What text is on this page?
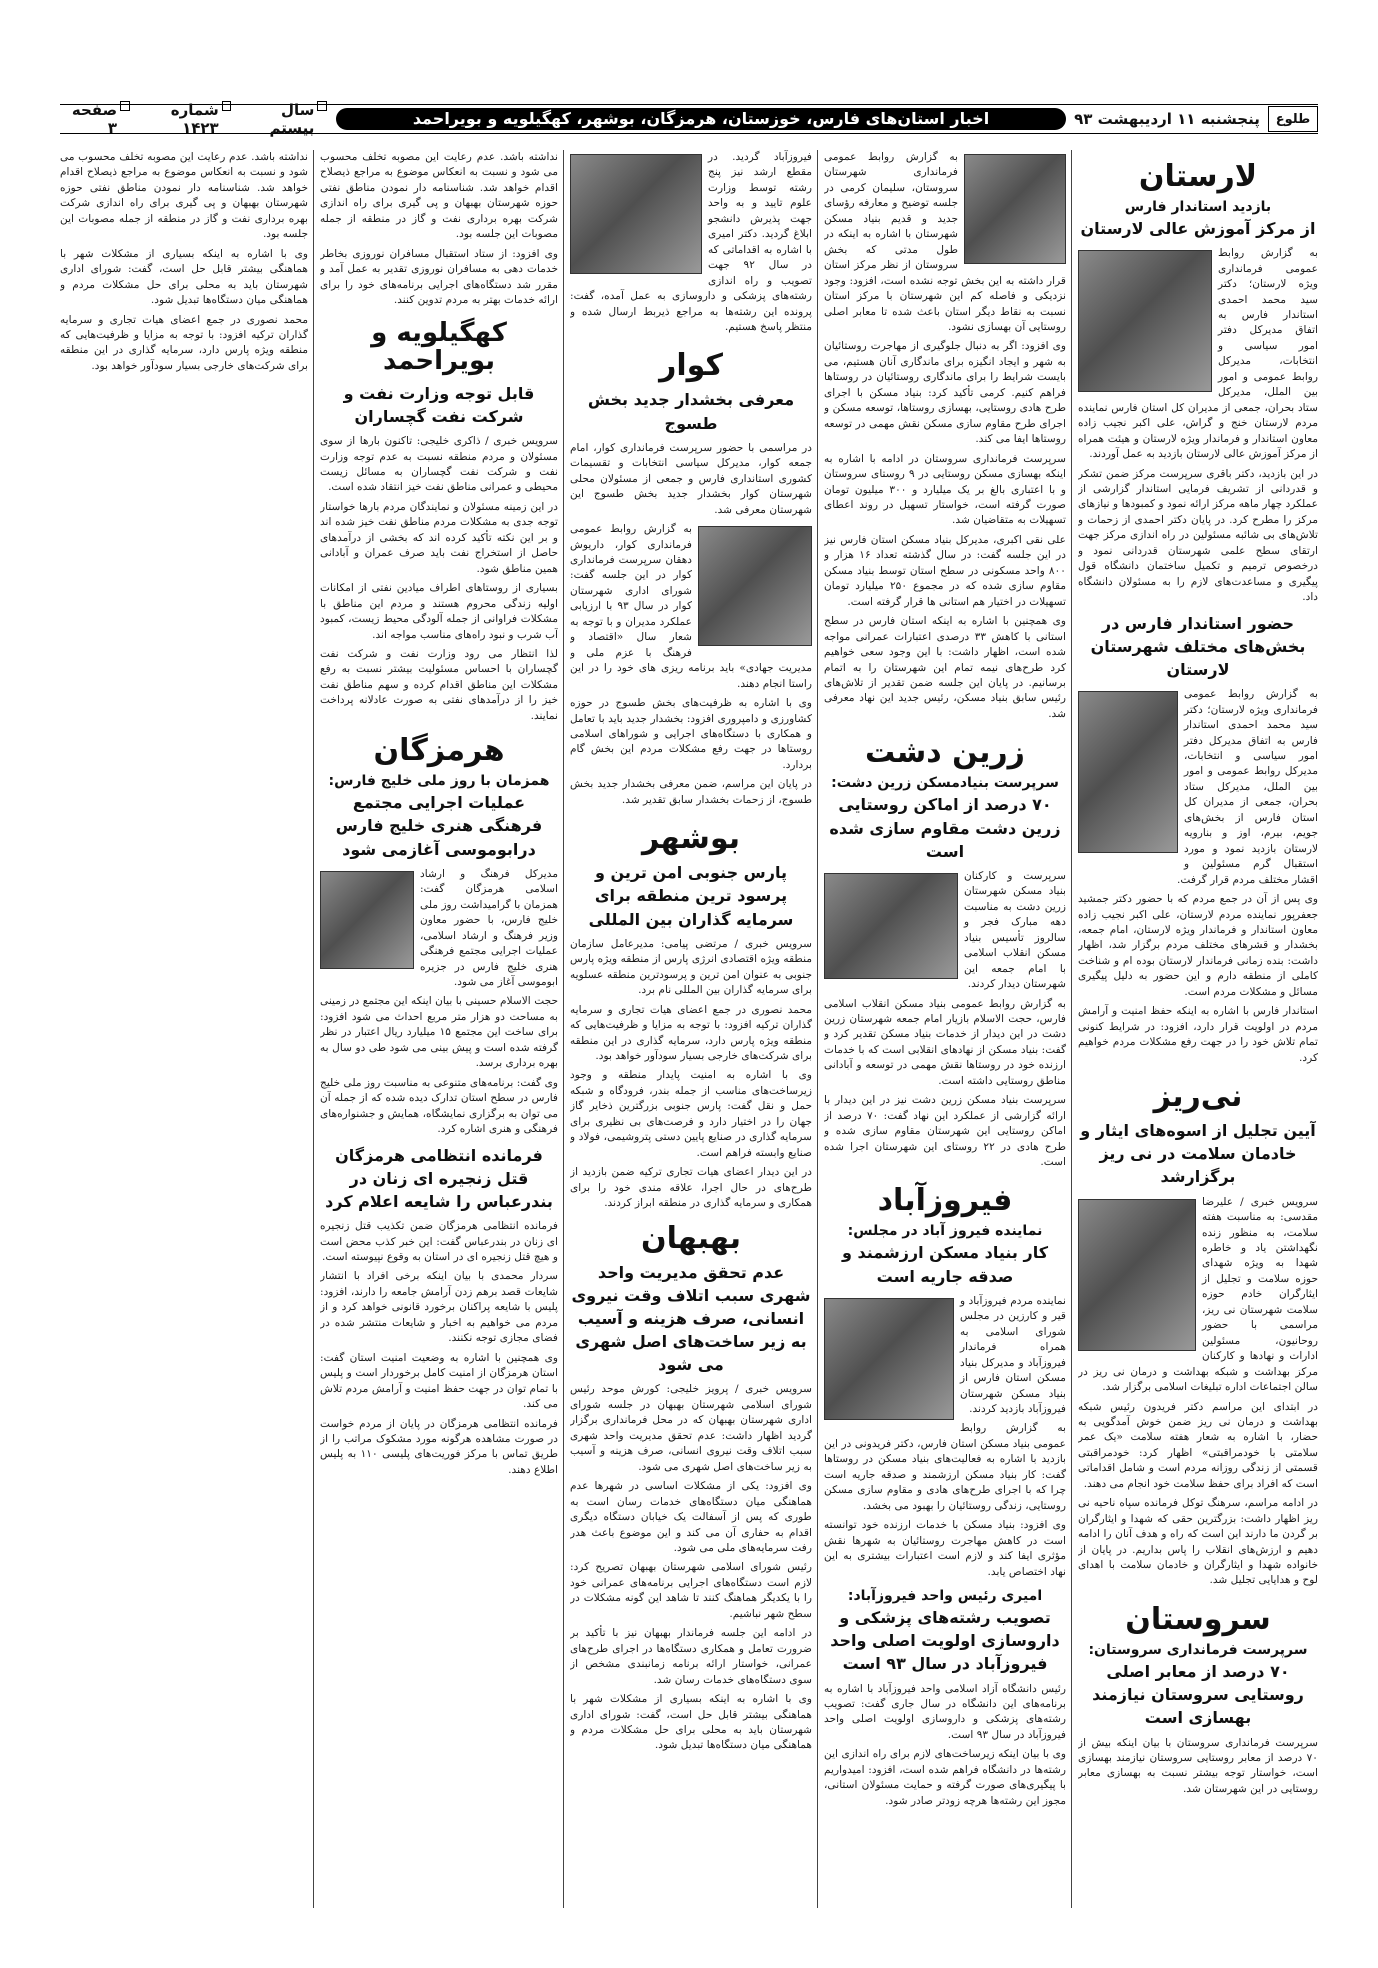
طلوع
پنجشنبه ۱۱ اردیبهشت ۹۳
اخبار استان‌های فارس، خوزستان، هرمزگان، بوشهر، کهگیلویه و بویراحمد
سال بیستم
شماره ۱۴۲۳
صفحه ۳
لارستان
بازدید استاندار فارس
از مرکز آموزش عالی لارستان

به گزارش روابط عمومی فرمانداری ویژه لارستان؛ دکتر سید محمد احمدی استاندار فارس به اتفاق مدیرکل دفتر امور سیاسی و انتخابات، مدیرکل روابط عمومی و امور بین الملل، مدیرکل ستاد بحران، جمعی از مدیران کل استان فارس نماینده مردم لارستان خنج و گراش، علی اکبر نجیب زاده معاون استاندار و فرماندار ویژه لارستان و هیئت همراه از مرکز آموزش عالی لارستان بازدید به عمل آوردند.

در این بازدید، دکتر باقری سرپرست مرکز ضمن تشکر و قدردانی از تشریف فرمایی استاندار گزارشی از عملکرد چهار ماهه مرکز ارائه نمود و کمبودها و نیازهای مرکز را مطرح کرد. در پایان دکتر احمدی از زحمات و تلاش‌های بی شائبه مسئولین در راه اندازی مرکز جهت ارتقای سطح علمی شهرستان قدردانی نمود و درخصوص ترمیم و تکمیل ساختمان دانشگاه قول پیگیری و مساعدت‌های لازم را به مسئولان دانشگاه داد.

حضور استاندار فارس در بخش‌های مختلف شهرستان لارستان

به گزارش روابط عمومی فرمانداری ویژه لارستان؛ دکتر سید محمد احمدی استاندار فارس به اتفاق مدیرکل دفتر امور سیاسی و انتخابات، مدیرکل روابط عمومی و امور بین الملل، مدیرکل ستاد بحران، جمعی از مدیران کل استان فارس از بخش‌های جویم، بیرم، اوز و بنارویه لارستان بازدید نمود و مورد استقبال گرم مسئولین و اقشار مختلف مردم قرار گرفت.

وی پس از آن در جمع مردم که با حضور دکتر جمشید جعفرپور نماینده مردم لارستان، علی اکبر نجیب زاده معاون استاندار و فرماندار ویژه لارستان، امام جمعه، بخشدار و قشرهای مختلف مردم برگزار شد، اظهار داشت: بنده زمانی فرماندار لارستان بوده ام و شناخت کاملی از منطقه دارم و این حضور به دلیل پیگیری مسائل و مشکلات مردم است.

استاندار فارس با اشاره به اینکه حفظ امنیت و آرامش مردم در اولویت قرار دارد، افزود: در شرایط کنونی تمام تلاش خود را در جهت رفع مشکلات مردم خواهیم کرد.

نی‌ریز
آیین تجلیل از اسوه‌های ایثار و خادمان سلامت در نی ریز برگزارشد

سرویس خبری / علیرضا مقدسی: به مناسبت هفته سلامت، به منظور زنده نگهداشتن یاد و خاطره شهدا به ویژه شهدای حوزه سلامت و تجلیل از ایثارگران خادم حوزه سلامت شهرستان نی ریز، مراسمی با حضور روحانیون، مسئولین ادارات و نهادها و کارکنان مرکز بهداشت و شبکه بهداشت و درمان نی ریز در سالن اجتماعات اداره تبلیغات اسلامی برگزار شد.

در ابتدای این مراسم دکتر فریدون رئیس شبکه بهداشت و درمان نی ریز ضمن خوش آمدگویی به حضار، با اشاره به شعار هفته سلامت «یک عمر سلامتی با خودمراقبتی» اظهار کرد: خودمراقبتی قسمتی از زندگی روزانه مردم است و شامل اقداماتی است که افراد برای حفظ سلامت خود انجام می دهند.

در ادامه مراسم، سرهنگ توکل فرمانده سپاه ناحیه نی ریز اظهار داشت: بزرگترین حقی که شهدا و ایثارگران بر گردن ما دارند این است که راه و هدف آنان را ادامه دهیم و ارزش‌های انقلاب را پاس بداریم. در پایان از خانواده شهدا و ایثارگران و خادمان سلامت با اهدای لوح و هدایایی تجلیل شد.

سروستان
سرپرست فرمانداری سروستان:
۷۰ درصد از معابر اصلی روستایی سروستان نیازمند بهسازی است

سرپرست فرمانداری سروستان با بیان اینکه بیش از ۷۰ درصد از معابر روستایی سروستان نیازمند بهسازی است، خواستار توجه بیشتر نسبت به بهسازی معابر روستایی در این شهرستان شد.

به گزارش روابط عمومی فرمانداری شهرستان سروستان، سلیمان کرمی در جلسه توضیح و معارفه رؤسای جدید و قدیم بنیاد مسکن شهرستان با اشاره به اینکه در طول مدتی که بخش سروستان از نظر مرکز استان قرار داشته به این بخش توجه نشده است، افزود: وجود نزدیکی و فاصله کم این شهرستان با مرکز استان نسبت به نقاط دیگر استان باعث شده تا معابر اصلی روستایی آن بهسازی نشود.

وی افزود: اگر به دنبال جلوگیری از مهاجرت روستائیان به شهر و ایجاد انگیزه برای ماندگاری آنان هستیم، می بایست شرایط را برای ماندگاری روستائیان در روستاها فراهم کنیم. کرمی تأکید کرد: بنیاد مسکن با اجرای طرح هادی روستایی، بهسازی روستاها، توسعه مسکن و اجرای طرح مقاوم سازی مسکن نقش مهمی در توسعه روستاها ایفا می کند.

سرپرست فرمانداری سروستان در ادامه با اشاره به اینکه بهسازی مسکن روستایی در ۹ روستای سروستان و با اعتباری بالغ بر یک میلیارد و ۳۰۰ میلیون تومان صورت گرفته است، خواستار تسهیل در روند اعطای تسهیلات به متقاضیان شد.

علی نقی اکبری، مدیرکل بنیاد مسکن استان فارس نیز در این جلسه گفت: در سال گذشته تعداد ۱۶ هزار و ۸۰۰ واحد مسکونی در سطح استان توسط بنیاد مسکن مقاوم سازی شده که در مجموع ۲۵۰ میلیارد تومان تسهیلات در اختیار هم استانی ها قرار گرفته است.

وی همچنین با اشاره به اینکه استان فارس در سطح استانی با کاهش ۳۳ درصدی اعتبارات عمرانی مواجه شده است، اظهار داشت: با این وجود سعی خواهیم کرد طرح‌های نیمه تمام این شهرستان را به اتمام برسانیم. در پایان این جلسه ضمن تقدیر از تلاش‌های رئیس سابق بنیاد مسکن، رئیس جدید این نهاد معرفی شد.

زرین دشت
سرپرست بنیادمسکن زرین دشت:
۷۰ درصد از اماکن روستایی زرین دشت مقاوم سازی شده است

سرپرست و کارکنان بنیاد مسکن شهرستان زرین دشت به مناسبت دهه مبارک فجر و سالروز تأسیس بنیاد مسکن انقلاب اسلامی با امام جمعه این شهرستان دیدار کردند.

به گزارش روابط عمومی بنیاد مسکن انقلاب اسلامی فارس، حجت الاسلام بازیار امام جمعه شهرستان زرین دشت در این دیدار از خدمات بنیاد مسکن تقدیر کرد و گفت: بنیاد مسکن از نهادهای انقلابی است که با خدمات ارزنده خود در روستاها نقش مهمی در توسعه و آبادانی مناطق روستایی داشته است.

سرپرست بنیاد مسکن زرین دشت نیز در این دیدار با ارائه گزارشی از عملکرد این نهاد گفت: ۷۰ درصد از اماکن روستایی این شهرستان مقاوم سازی شده و طرح هادی در ۲۲ روستای این شهرستان اجرا شده است.

فیروزآباد
نماینده فیروز آباد در مجلس:
کار بنیاد مسکن ارزشمند و صدقه جاریه است

نماینده مردم فیروزآباد و قیر و کارزین در مجلس شورای اسلامی به همراه فرماندار فیروزآباد و مدیرکل بنیاد مسکن استان فارس از بنیاد مسکن شهرستان فیروزآباد بازدید کردند.

به گزارش روابط عمومی بنیاد مسکن استان فارس، دکتر فریدونی در این بازدید با اشاره به فعالیت‌های بنیاد مسکن در روستاها گفت: کار بنیاد مسکن ارزشمند و صدقه جاریه است چرا که با اجرای طرح‌های هادی و مقاوم سازی مسکن روستایی، زندگی روستائیان را بهبود می بخشد.

وی افزود: بنیاد مسکن با خدمات ارزنده خود توانسته است در کاهش مهاجرت روستائیان به شهرها نقش مؤثری ایفا کند و لازم است اعتبارات بیشتری به این نهاد اختصاص یابد.

امیری رئیس واحد فیروزآباد:
تصویب رشته‌های پزشکی و داروسازی اولویت اصلی واحد فیروزآباد در سال ۹۳ است

رئیس دانشگاه آزاد اسلامی واحد فیروزآباد با اشاره به برنامه‌های این دانشگاه در سال جاری گفت: تصویب رشته‌های پزشکی و داروسازی اولویت اصلی واحد فیروزآباد در سال ۹۳ است.

وی با بیان اینکه زیرساخت‌های لازم برای راه اندازی این رشته‌ها در دانشگاه فراهم شده است، افزود: امیدواریم با پیگیری‌های صورت گرفته و حمایت مسئولان استانی، مجوز این رشته‌ها هرچه زودتر صادر شود.

فیروزآباد گردید. در مقطع ارشد نیز پنج رشته توسط وزارت علوم تایید و به واحد جهت پذیرش دانشجو ابلاغ گردید. دکتر امیری با اشاره به اقداماتی که در سال ۹۲ جهت تصویب و راه اندازی رشته‌های پزشکی و داروسازی به عمل آمده، گفت: پرونده این رشته‌ها به مراجع ذیربط ارسال شده و منتظر پاسخ هستیم.

کوار
معرفی بخشدار جدید بخش طسوج

در مراسمی با حضور سرپرست فرمانداری کوار، امام جمعه کوار، مدیرکل سیاسی انتخابات و تقسیمات کشوری استانداری فارس و جمعی از مسئولان محلی شهرستان کوار بخشدار جدید بخش طسوج این شهرستان معرفی شد.

به گزارش روابط عمومی فرمانداری کوار، داریوش دهقان سرپرست فرمانداری کوار در این جلسه گفت: شورای اداری شهرستان کوار در سال ۹۳ با ارزیابی عملکرد مدیران و با توجه به شعار سال «اقتصاد و فرهنگ با عزم ملی و مدیریت جهادی» باید برنامه ریزی های خود را در این راستا انجام دهند.

وی با اشاره به ظرفیت‌های بخش طسوج در حوزه کشاورزی و دامپروری افزود: بخشدار جدید باید با تعامل و همکاری با دستگاه‌های اجرایی و شوراهای اسلامی روستاها در جهت رفع مشکلات مردم این بخش گام بردارد.

در پایان این مراسم، ضمن معرفی بخشدار جدید بخش طسوج، از زحمات بخشدار سابق تقدیر شد.

بوشهر
پارس جنوبی امن ترین و پرسود ترین منطقه برای سرمایه گذاران بین المللی

سرویس خبری / مرتضی پیامی: مدیرعامل سازمان منطقه ویژه اقتصادی انرژی پارس از منطقه ویژه پارس جنوبی به عنوان امن ترین و پرسودترین منطقه عسلویه برای سرمایه گذاران بین المللی نام برد.

محمد نصوری در جمع اعضای هیات تجاری و سرمایه گذاران ترکیه افزود: با توجه به مزایا و ظرفیت‌هایی که منطقه ویژه پارس دارد، سرمایه گذاری در این منطقه برای شرکت‌های خارجی بسیار سودآور خواهد بود.

وی با اشاره به امنیت پایدار منطقه و وجود زیرساخت‌های مناسب از جمله بندر، فرودگاه و شبکه حمل و نقل گفت: پارس جنوبی بزرگترین ذخایر گاز جهان را در اختیار دارد و فرصت‌های بی نظیری برای سرمایه گذاری در صنایع پایین دستی پتروشیمی، فولاد و صنایع وابسته فراهم است.

در این دیدار اعضای هیات تجاری ترکیه ضمن بازدید از طرح‌های در حال اجرا، علاقه مندی خود را برای همکاری و سرمایه گذاری در منطقه ابراز کردند.

بهبهان
عدم تحقق مدیریت واحد شهری سبب اتلاف وقت نیروی انسانی، صرف هزینه و آسیب به زیر ساخت‌های اصل شهری می شود

سرویس خبری / پرویز خلیجی: کورش موحد رئیس شورای اسلامی شهرستان بهبهان در جلسه شورای اداری شهرستان بهبهان که در محل فرمانداری برگزار گردید اظهار داشت: عدم تحقق مدیریت واحد شهری سبب اتلاف وقت نیروی انسانی، صرف هزینه و آسیب به زیر ساخت‌های اصل شهری می شود.

وی افزود: یکی از مشکلات اساسی در شهرها عدم هماهنگی میان دستگاه‌های خدمات رسان است به طوری که پس از آسفالت یک خیابان دستگاه دیگری اقدام به حفاری آن می کند و این موضوع باعث هدر رفت سرمایه‌های ملی می شود.

رئیس شورای اسلامی شهرستان بهبهان تصریح کرد: لازم است دستگاه‌های اجرایی برنامه‌های عمرانی خود را با یکدیگر هماهنگ کنند تا شاهد این گونه مشکلات در سطح شهر نباشیم.

در ادامه این جلسه فرماندار بهبهان نیز با تأکید بر ضرورت تعامل و همکاری دستگاه‌ها در اجرای طرح‌های عمرانی، خواستار ارائه برنامه زمانبندی مشخص از سوی دستگاه‌های خدمات رسان شد.

وی با اشاره به اینکه بسیاری از مشکلات شهر با هماهنگی بیشتر قابل حل است، گفت: شورای اداری شهرستان باید به محلی برای حل مشکلات مردم و هماهنگی میان دستگاه‌ها تبدیل شود.

نداشته باشد. عدم رعایت این مصوبه تخلف محسوب می شود و نسبت به انعکاس موضوع به مراجع ذیصلاح اقدام خواهد شد. شناسنامه دار نمودن مناطق نفتی حوزه شهرستان بهبهان و پی گیری برای راه اندازی شرکت بهره برداری نفت و گاز در منطقه از جمله مصوبات این جلسه بود.

وی افزود: از ستاد استقبال مسافران نوروزی بخاطر خدمات دهی به مسافران نوروزی تقدیر به عمل آمد و مقرر شد دستگاه‌های اجرایی برنامه‌های خود را برای ارائه خدمات بهتر به مردم تدوین کنند.

کهگیلویه و بویراحمد
قابل توجه وزارت نفت و شرکت نفت گچساران

سرویس خبری / ذاکری خلیجی: تاکنون بارها از سوی مسئولان و مردم منطقه نسبت به عدم توجه وزارت نفت و شرکت نفت گچساران به مسائل زیست محیطی و عمرانی مناطق نفت خیز انتقاد شده است.

در این زمینه مسئولان و نمایندگان مردم بارها خواستار توجه جدی به مشکلات مردم مناطق نفت خیز شده اند و بر این نکته تأکید کرده اند که بخشی از درآمدهای حاصل از استخراج نفت باید صرف عمران و آبادانی همین مناطق شود.

بسیاری از روستاهای اطراف میادین نفتی از امکانات اولیه زندگی محروم هستند و مردم این مناطق با مشکلات فراوانی از جمله آلودگی محیط زیست، کمبود آب شرب و نبود راه‌های مناسب مواجه اند.

لذا انتظار می رود وزارت نفت و شرکت نفت گچساران با احساس مسئولیت بیشتر نسبت به رفع مشکلات این مناطق اقدام کرده و سهم مناطق نفت خیز را از درآمدهای نفتی به صورت عادلانه پرداخت نمایند.

هرمزگان
همزمان با روز ملی خلیج فارس:
عملیات اجرایی مجتمع فرهنگی هنری خلیج فارس درابوموسی آغازمی شود

مدیرکل فرهنگ و ارشاد اسلامی هرمزگان گفت: همزمان با گرامیداشت روز ملی خلیج فارس، با حضور معاون وزیر فرهنگ و ارشاد اسلامی، عملیات اجرایی مجتمع فرهنگی هنری خلیج فارس در جزیره ابوموسی آغاز می شود.

حجت الاسلام حسینی با بیان اینکه این مجتمع در زمینی به مساحت دو هزار متر مربع احداث می شود افزود: برای ساخت این مجتمع ۱۵ میلیارد ریال اعتبار در نظر گرفته شده است و پیش بینی می شود طی دو سال به بهره برداری برسد.

وی گفت: برنامه‌های متنوعی به مناسبت روز ملی خلیج فارس در سطح استان تدارک دیده شده که از جمله آن می توان به برگزاری نمایشگاه، همایش و جشنواره‌های فرهنگی و هنری اشاره کرد.

فرمانده انتظامی هرمزگان قتل زنجیره ای زنان در بندرعباس را شایعه اعلام کرد

فرمانده انتظامی هرمزگان ضمن تکذیب قتل زنجیره ای زنان در بندرعباس گفت: این خبر کذب محض است و هیچ قتل زنجیره ای در استان به وقوع نپیوسته است.

سردار محمدی با بیان اینکه برخی افراد با انتشار شایعات قصد برهم زدن آرامش جامعه را دارند، افزود: پلیس با شایعه پراکنان برخورد قانونی خواهد کرد و از مردم می خواهیم به اخبار و شایعات منتشر شده در فضای مجازی توجه نکنند.

وی همچنین با اشاره به وضعیت امنیت استان گفت: استان هرمزگان از امنیت کامل برخوردار است و پلیس با تمام توان در جهت حفظ امنیت و آرامش مردم تلاش می کند.

فرمانده انتظامی هرمزگان در پایان از مردم خواست در صورت مشاهده هرگونه مورد مشکوک مراتب را از طریق تماس با مرکز فوریت‌های پلیسی ۱۱۰ به پلیس اطلاع دهند.

نداشته باشد. عدم رعایت این مصوبه تخلف محسوب می شود و نسبت به انعکاس موضوع به مراجع ذیصلاح اقدام خواهد شد. شناسنامه دار نمودن مناطق نفتی حوزه شهرستان بهبهان و پی گیری برای راه اندازی شرکت بهره برداری نفت و گاز در منطقه از جمله مصوبات این جلسه بود.

وی با اشاره به اینکه بسیاری از مشکلات شهر با هماهنگی بیشتر قابل حل است، گفت: شورای اداری شهرستان باید به محلی برای حل مشکلات مردم و هماهنگی میان دستگاه‌ها تبدیل شود.

محمد نصوری در جمع اعضای هیات تجاری و سرمایه گذاران ترکیه افزود: با توجه به مزایا و ظرفیت‌هایی که منطقه ویژه پارس دارد، سرمایه گذاری در این منطقه برای شرکت‌های خارجی بسیار سودآور خواهد بود.
